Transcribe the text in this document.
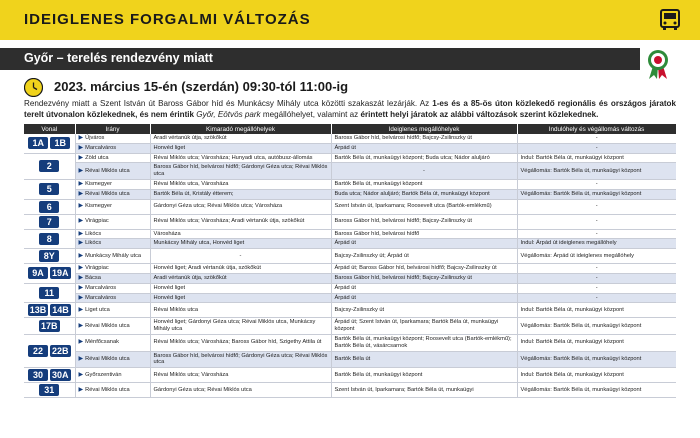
IDEIGLENES FORGALMI VÁLTOZÁS
Győr – terelés rendezvény miatt
2023. március 15-én (szerdán) 09:30-tól 11:00-ig
Rendezvény miatt a Szent István út Baross Gábor híd és Munkácsy Mihály utca közötti szakaszát lezárják. Az 1-es és a 85-ös úton közlekedő regionális és országos járatok terelt útvonalon közlekednek, és nem érintik Győr, Eötvös park megállóhelyet, valamint az érintett helyi járatok az alábbi változások szerint közlekednek.
Vonal	Irány	Kimaradó megállóhelyek	Ideiglenes megállóhelyek	Indulóhely és végállomás változás
1A 1B	▶ Újváros	Aradi vértanúk útja, szökőkút	Baross Gábor híd, belvárosi hídfő; Bajcsy-Zsilinszky út	-
	▶ Marcalváros	Honvéd liget	Árpád út	-
2	▶ Zöld utca	Révai Miklós utca; Városháza; Hunyadi utca, autóbusz-állomás	Bartók Béla út, munkaügyi központ; Buda utca; Nádor aluljáró	Indul: Bartók Béla út, munkaügyi központ
	▶ Révai Miklós utca	Baross Gábor híd, belvárosi hídfő; Gárdonyi Géza utca; Révai Miklós utca	-	Végállomás: Bartók Béla út, munkaügyi központ
5	▶ Kismegyer	Révai Miklós utca, Városháza	Bartók Béla út, munkaügyi központ	-
	▶ Révai Miklós utca	Bartók Béla út, Kristály étterem;	Buda utca; Nádor aluljáró; Bartók Béla út, munkaügyi központ	Végállomás: Bartók Béla út, munkaügyi központ
6	▶ Kismegyer	Gárdonyi Géza utca; Révai Miklós utca; Városháza	Szent István út, Iparkamara; Roosevelt utca (Bartók-emlékmű)	-
7	▶ Virágpiac	Révai Miklós utca; Városháza; Aradi vértanúk útja, szökőkút	Baross Gábor híd, belvárosi hídfő; Bajcsy-Zsilinszky út	-
8	▶ Likócs	Városháza	Baross Gábor híd, belvárosi hídfő	-
	▶ Likócs	Munkácsy Mihály utca, Honvéd liget	Árpád út	Indul: Árpád út ideiglenes megállóhely
8Y	▶ Munkácsy Mihály utca	-	Bajcsy-Zsilinszky út; Árpád út	Végállomás: Árpád út ideiglenes megállóhely
9A 19A	▶ Virágpiac	Honvéd liget; Aradi vértanúk útja, szökőkút	Árpád út; Baross Gábor híd, belvárosi hídfő; Bajcsy-Zsilinszky út	-
	▶ Bácsa	Aradi vértanúk útja, szökőkút	Baross Gábor híd, belvárosi hídfő; Bajcsy-Zsilinszky út	-
11	▶ Marcalváros	Honvéd liget	Árpád út	-
	▶ Marcalváros	Honvéd liget	Árpád út	-
13B 14B	▶ Liget utca	Révai Miklós utca	Bajcsy-Zsilinszky út	Indul: Bartók Béla út, munkaügyi központ
17B	▶ Révai Miklós utca	Honvéd liget; Gárdonyi Géza utca; Révai Miklós utca, Munkácsy Mihály utca	Árpád út; Szent István út, Iparkamara; Bartók Béla út, munkaügyi központ	Végállomás: Bartók Béla út, munkaügyi központ
22 22B	▶ Ménfőcsanak	Révai Miklós utca; Városháza; Baross Gábor híd, Szigethy Attila út	Bartók Béla út, munkaügyi központ; Roosevelt utca (Bartók-emlékmű); Bartók Béla út, vásárcsarnok	Indul: Bartók Béla út, munkaügyi központ
	▶ Révai Miklós utca	Baross Gábor híd, belvárosi hídfő; Gárdonyi Géza utca; Révai Miklós utca	Bartók Béla út	Végállomás: Bartók Béla út, munkaügyi központ
30 30A	▶ Győrszentiván	Révai Miklós utca; Városháza	Bartók Béla út, munkaügyi központ	Indul: Bartók Béla út, munkaügyi központ
31	▶ Révai Miklós utca	Gárdonyi Géza utca; Révai Miklós utca	Szent István út, Iparkamara; Bartók Béla út, munkaügyi	Végállomás: Bartók Béla út, munkaügyi központ
